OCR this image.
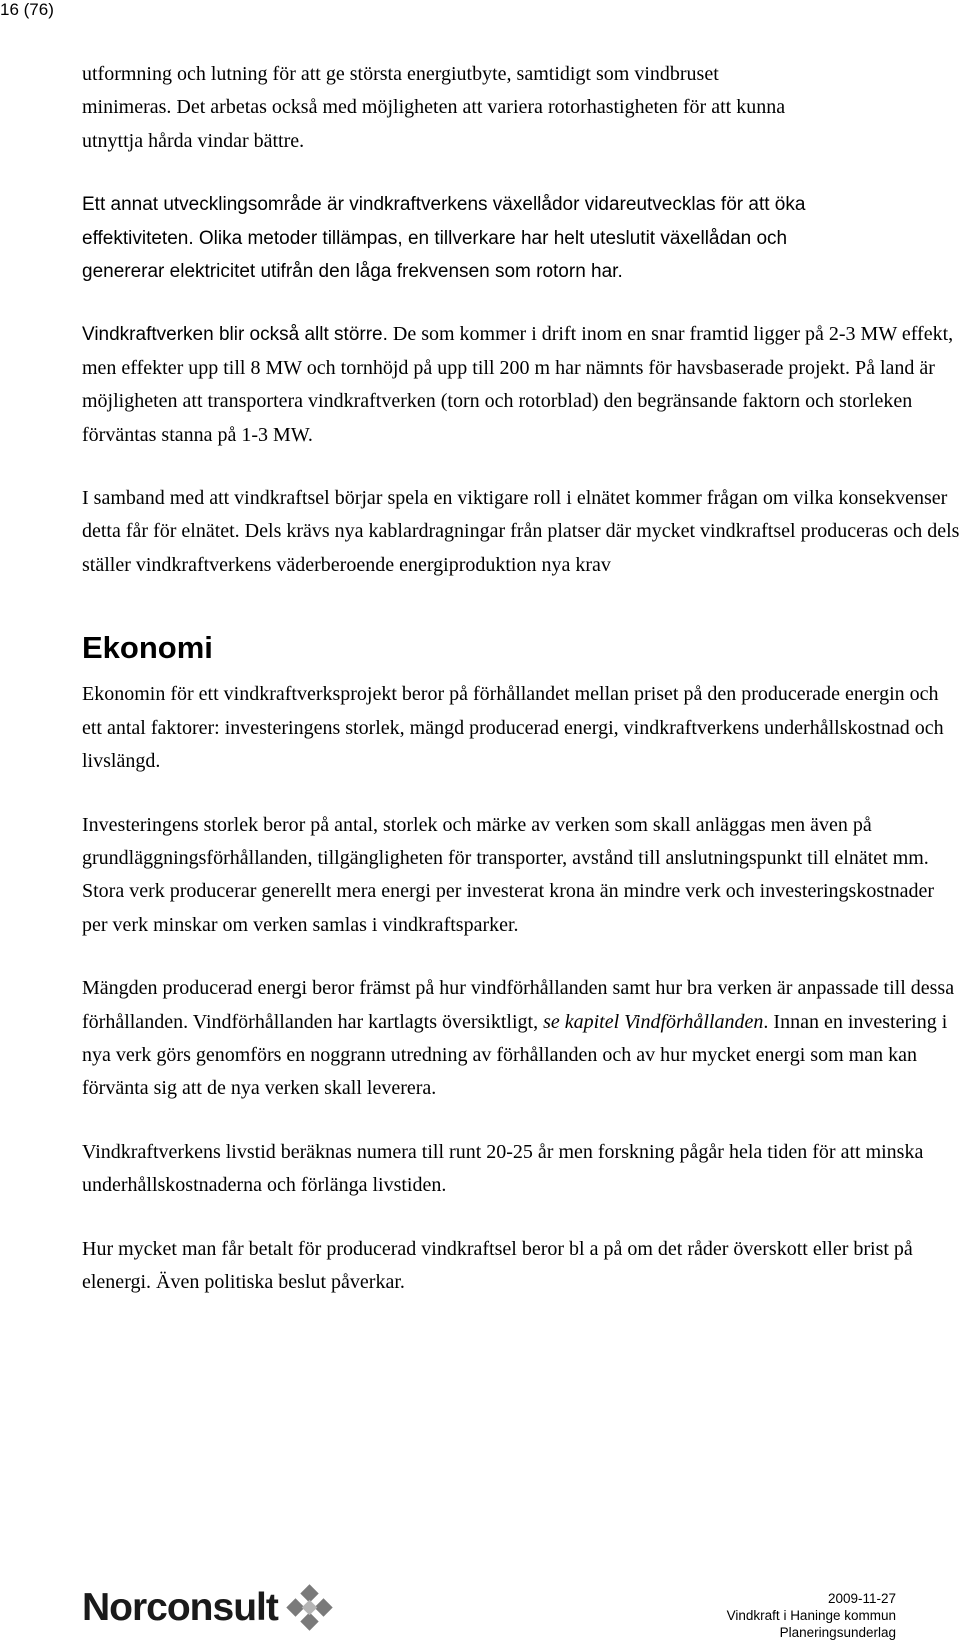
16 (76)

utformning och lutning för att ge största energiutbyte, samtidigt som vindbruset
minimeras. Det arbetas också med möjligheten att variera rotorhastigheten för att kunna
utnyttja hårda vindar bättre.

Ett annat utvecklingsområde är vindkraftverkens växellådor vidareutvecklas för att öka
effektiviteten. Olika metoder tillämpas, en tillverkare har helt uteslutit växellådan och
genererar elektricitet utifrån den låga frekvensen som rotorn har.

Vindkraftverken blir också allt större. De som kommer i drift inom en snar framtid ligger på 2-3 MW effekt, men effekter upp till 8 MW och tornhöjd på upp till 200 m har nämnts för havsbaserade projekt. På land är möjligheten att transportera vindkraftverken (torn och rotorblad) den begränsande faktorn och storleken förväntas stanna på 1-3 MW.

I samband med att vindkraftsel börjar spela en viktigare roll i elnätet kommer frågan om vilka konsekvenser detta får för elnätet. Dels krävs nya kablardragningar från platser där mycket vindkraftsel produceras och dels ställer vindkraftverkens väderberoende energiproduktion nya krav

Ekonomi

Ekonomin för ett vindkraftverksprojekt beror på förhållandet mellan priset på den producerade energin och ett antal faktorer: investeringens storlek, mängd producerad energi, vindkraftverkens underhållskostnad och livslängd.

Investeringens storlek beror på antal, storlek och märke av verken som skall anläggas men även på grundläggningsförhållanden, tillgängligheten för transporter, avstånd till anslutningspunkt till elnätet mm. Stora verk producerar generellt mera energi per investerat krona än mindre verk och investeringskostnader per verk minskar om verken samlas i vindkraftsparker.

Mängden producerad energi beror främst på hur vindförhållanden samt hur bra verken är anpassade till dessa förhållanden. Vindförhållanden har kartlagts översiktligt, se kapitel Vindförhållanden. Innan en investering i nya verk görs genomförs en noggrann utredning av förhållanden och av hur mycket energi som man kan förvänta sig att de nya verken skall leverera.

Vindkraftverkens livstid beräknas numera till runt 20-25 år men forskning pågår hela tiden för att minska underhållskostnaderna och förlänga livstiden.

Hur mycket man får betalt för producerad vindkraftsel beror bl a på om det råder överskott eller brist på elenergi. Även politiska beslut påverkar.

Norconsult	2009-11-27
Vindkraft i Haninge kommun
Planeringsunderlag
